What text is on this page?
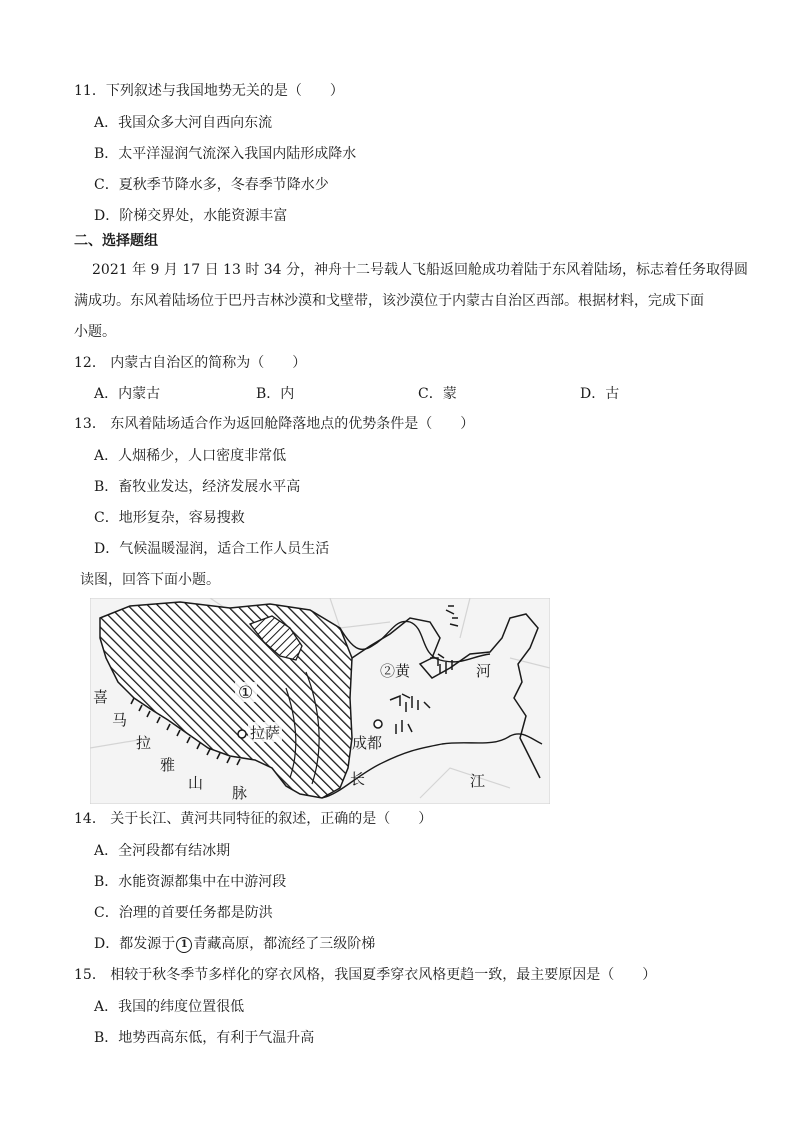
11．下列叙述与我国地势无关的是（　　）
A．我国众多大河自西向东流
B．太平洋湿润气流深入我国内陆形成降水
C．夏秋季节降水多，冬春季节降水少
D．阶梯交界处，水能资源丰富
二、选择题组
2021 年 9 月 17 日 13 时 34 分，神舟十二号载人飞船返回舱成功着陆于东风着陆场，标志着任务取得圆
满成功。东风着陆场位于巴丹吉林沙漠和戈壁带，该沙漠位于内蒙古自治区西部。根据材料，完成下面
小题。
12． 内蒙古自治区的简称为（　　）
A．内蒙古	B．内	C．蒙	D．古
13． 东风着陆场适合作为返回舱降落地点的优势条件是（　　）
A．人烟稀少，人口密度非常低
B．畜牧业发达，经济发展水平高
C．地形复杂，容易搜救
D．气候温暖湿润，适合工作人员生活
读图，回答下面小题。
喜
马
拉
雅
山
脉
①
拉萨
②黄	河
成都
长	江
14． 关于长江、黄河共同特征的叙述，正确的是（　　）
A．全河段都有结冰期
B．水能资源都集中在中游河段
C．治理的首要任务都是防洪
D．都发源于 1 青藏高原，都流经了三级阶梯
15． 相较于秋冬季节多样化的穿衣风格，我国夏季穿衣风格更趋一致，最主要原因是（　　）
A．我国的纬度位置很低
B．地势西高东低，有利于气温升高
